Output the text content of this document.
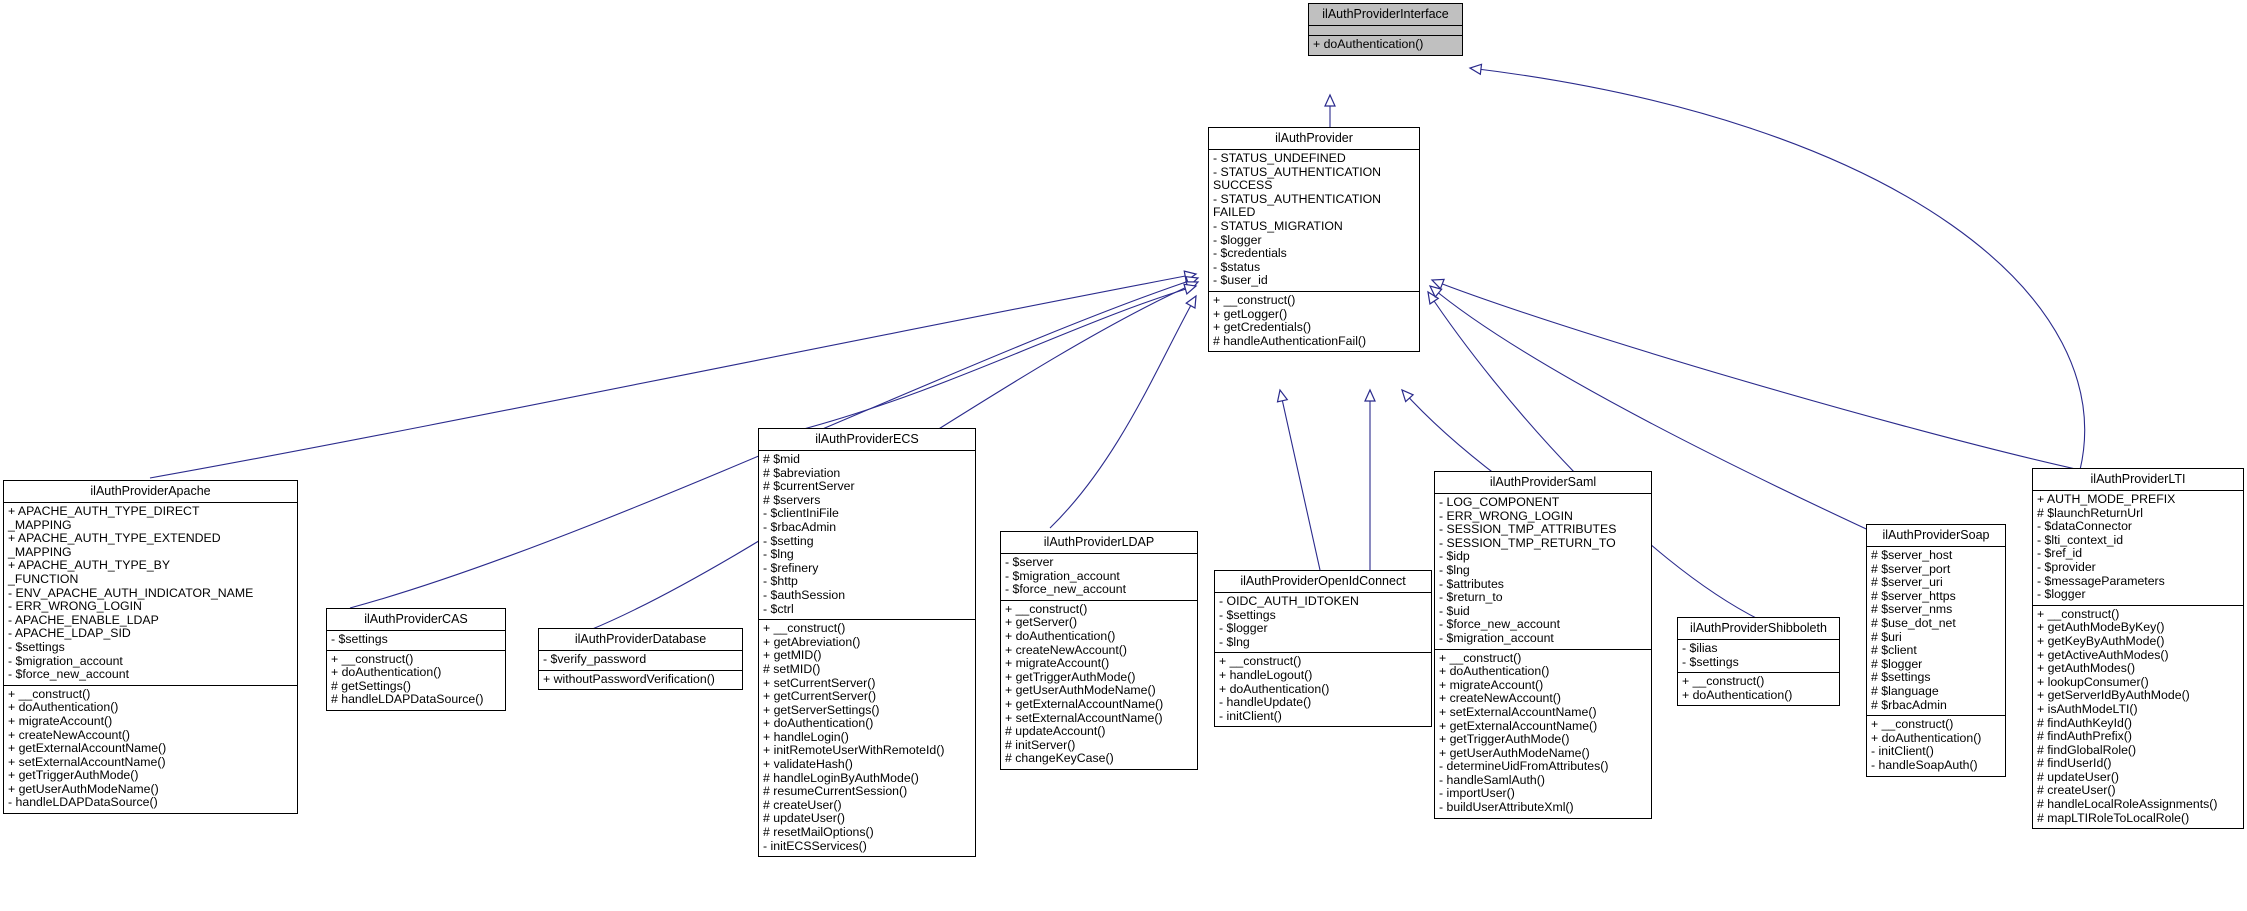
ilAuthProviderInterface
+ doAuthentication()
ilAuthProvider
- STATUS_UNDEFINED
- STATUS_AUTHENTICATION
SUCCESS
- STATUS_AUTHENTICATION
FAILED
- STATUS_MIGRATION
- $logger
- $credentials
- $status
- $user_id
+ __construct()
+ getLogger()
+ getCredentials()
# handleAuthenticationFail()
ilAuthProviderApache
+ APACHE_AUTH_TYPE_DIRECT
_MAPPING
+ APACHE_AUTH_TYPE_EXTENDED
_MAPPING
+ APACHE_AUTH_TYPE_BY
_FUNCTION
- ENV_APACHE_AUTH_INDICATOR_NAME
- ERR_WRONG_LOGIN
- APACHE_ENABLE_LDAP
- APACHE_LDAP_SID
- $settings
- $migration_account
- $force_new_account
+ __construct()
+ doAuthentication()
+ migrateAccount()
+ createNewAccount()
+ getExternalAccountName()
+ setExternalAccountName()
+ getTriggerAuthMode()
+ getUserAuthModeName()
- handleLDAPDataSource()
ilAuthProviderCAS
- $settings
+ __construct()
+ doAuthentication()
# getSettings()
# handleLDAPDataSource()
ilAuthProviderDatabase
- $verify_password
+ withoutPasswordVerification()
ilAuthProviderECS
# $mid
# $abreviation
# $currentServer
# $servers
- $clientIniFile
- $rbacAdmin
- $setting
- $lng
- $refinery
- $http
- $authSession
- $ctrl
+ __construct()
+ getAbreviation()
+ getMID()
# setMID()
+ setCurrentServer()
+ getCurrentServer()
+ getServerSettings()
+ doAuthentication()
+ handleLogin()
+ initRemoteUserWithRemoteId()
+ validateHash()
# handleLoginByAuthMode()
# resumeCurrentSession()
# createUser()
# updateUser()
# resetMailOptions()
- initECSServices()
ilAuthProviderLDAP
- $server
- $migration_account
- $force_new_account
+ __construct()
+ getServer()
+ doAuthentication()
+ createNewAccount()
+ migrateAccount()
+ getTriggerAuthMode()
+ getUserAuthModeName()
+ getExternalAccountName()
+ setExternalAccountName()
# updateAccount()
# initServer()
# changeKeyCase()
ilAuthProviderOpenIdConnect
- OIDC_AUTH_IDTOKEN
- $settings
- $logger
- $lng
+ __construct()
+ handleLogout()
+ doAuthentication()
- handleUpdate()
- initClient()
ilAuthProviderSaml
- LOG_COMPONENT
- ERR_WRONG_LOGIN
- SESSION_TMP_ATTRIBUTES
- SESSION_TMP_RETURN_TO
- $idp
- $lng
- $attributes
- $return_to
- $uid
- $force_new_account
- $migration_account
+ __construct()
+ doAuthentication()
+ migrateAccount()
+ createNewAccount()
+ setExternalAccountName()
+ getExternalAccountName()
+ getTriggerAuthMode()
+ getUserAuthModeName()
- determineUidFromAttributes()
- handleSamlAuth()
- importUser()
- buildUserAttributeXml()
ilAuthProviderShibboleth
- $ilias
- $settings
+ __construct()
+ doAuthentication()
ilAuthProviderSoap
# $server_host
# $server_port
# $server_uri
# $server_https
# $server_nms
# $use_dot_net
# $uri
# $client
# $logger
# $settings
# $language
# $rbacAdmin
+ __construct()
+ doAuthentication()
- initClient()
- handleSoapAuth()
ilAuthProviderLTI
+ AUTH_MODE_PREFIX
# $launchReturnUrl
- $dataConnector
- $lti_context_id
- $ref_id
- $provider
- $messageParameters
- $logger
+ __construct()
+ getAuthModeByKey()
+ getKeyByAuthMode()
+ getActiveAuthModes()
+ getAuthModes()
+ lookupConsumer()
+ getServerIdByAuthMode()
+ isAuthModeLTI()
# findAuthKeyId()
# findAuthPrefix()
# findGlobalRole()
# findUserId()
# updateUser()
# createUser()
# handleLocalRoleAssignments()
# mapLTIRoleToLocalRole()
